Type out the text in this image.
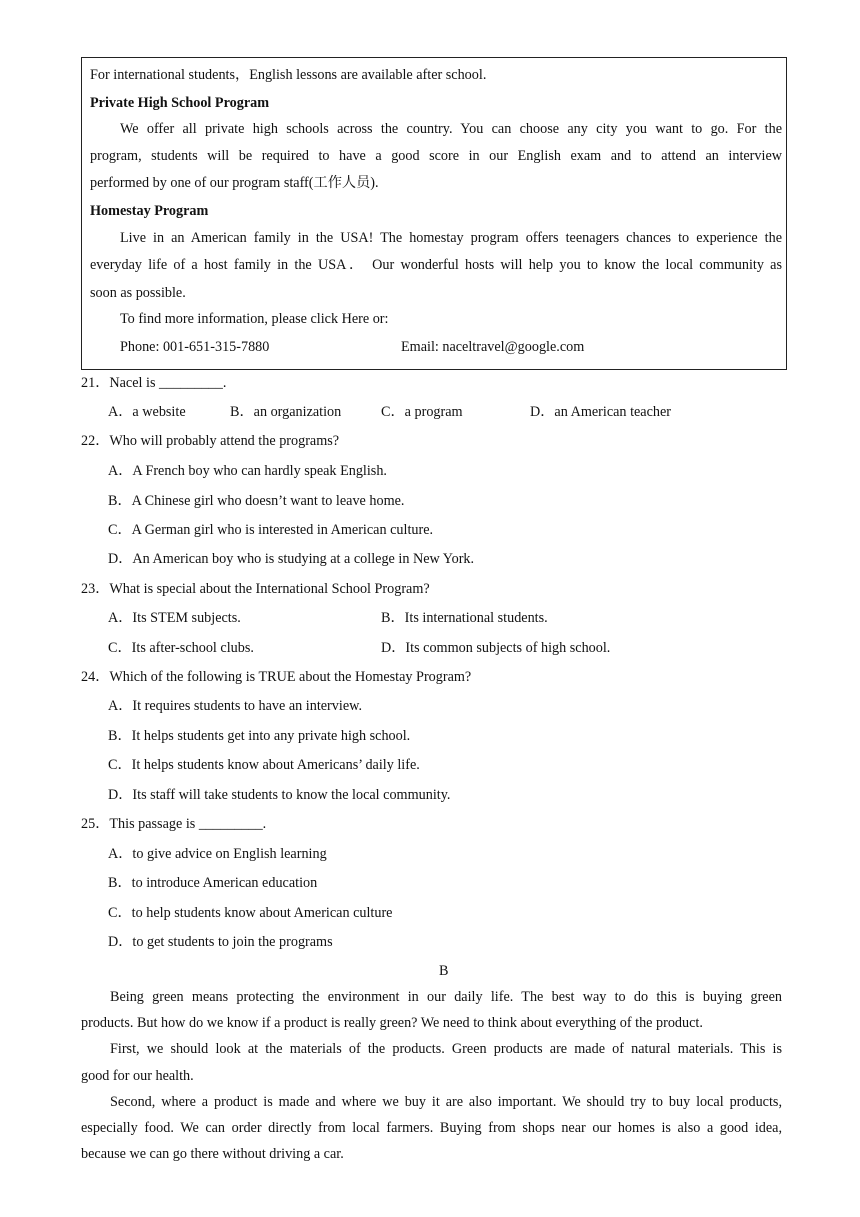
For international students，English lessons are available after school.
Private High School Program
We offer all private high schools across the country. You can choose any city you want to go. For the
program, students will be required to have a good score in our English exam and to attend an interview
performed by one of our program staff(工作人员).
Homestay Program
Live in an American family in the USA! The homestay program offers teenagers chances to experience the
everyday life of a host family in the USA． Our wonderful hosts will help you to know the local community as
soon as possible.
To find more information, please click Here or:
Phone: 001-651-315-7880	Email: naceltravel@google.com
21．Nacel is _________.
A．a website	B．an organization	C．a program	D．an American teacher
22．Who will probably attend the programs?
A．A French boy who can hardly speak English.
B．A Chinese girl who doesn’t want to leave home.
C．A German girl who is interested in American culture.
D．An American boy who is studying at a college in New York.
23．What is special about the International School Program?
A．Its STEM subjects.	B．Its international students.
C．Its after-school clubs.	D．Its common subjects of high school.
24．Which of the following is TRUE about the Homestay Program?
A．It requires students to have an interview.
B．It helps students get into any private high school.
C．It helps students know about Americans’ daily life.
D．Its staff will take students to know the local community.
25．This passage is _________.
A．to give advice on English learning
B．to introduce American education
C．to help students know about American culture
D．to get students to join the programs
B
Being green means protecting the environment in our daily life. The best way to do this is buying green
products. But how do we know if a product is really green? We need to think about everything of the product.
First, we should look at the materials of the products. Green products are made of natural materials. This is
good for our health.
Second, where a product is made and where we buy it are also important. We should try to buy local products,
especially food. We can order directly from local farmers. Buying from shops near our homes is also a good idea,
because we can go there without driving a car.
